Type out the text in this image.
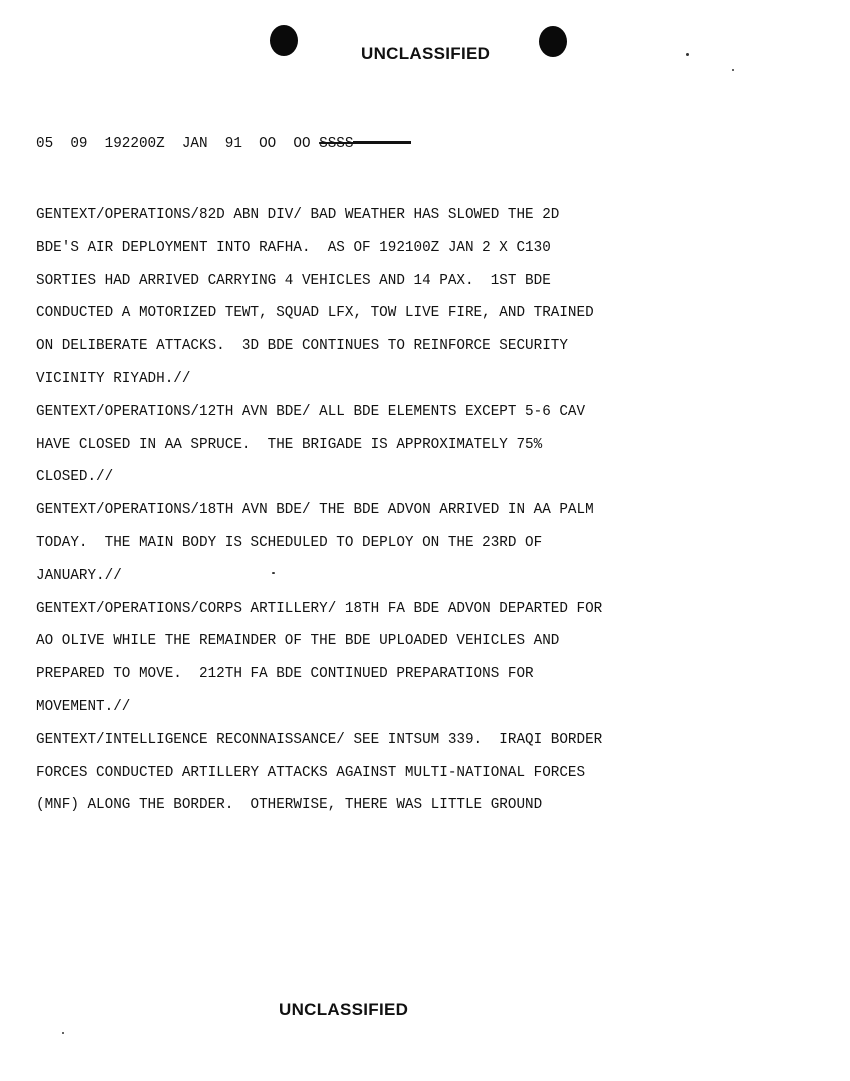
UNCLASSIFIED
05  09  192200Z  JAN  91  OO  OO SSSS
GENTEXT/OPERATIONS/82D ABN DIV/ BAD WEATHER HAS SLOWED THE 2D
BDE'S AIR DEPLOYMENT INTO RAFHA.  AS OF 192100Z JAN 2 X C130
SORTIES HAD ARRIVED CARRYING 4 VEHICLES AND 14 PAX.  1ST BDE
CONDUCTED A MOTORIZED TEWT, SQUAD LFX, TOW LIVE FIRE, AND TRAINED
ON DELIBERATE ATTACKS.  3D BDE CONTINUES TO REINFORCE SECURITY
VICINITY RIYADH.//
GENTEXT/OPERATIONS/12TH AVN BDE/ ALL BDE ELEMENTS EXCEPT 5-6 CAV
HAVE CLOSED IN AA SPRUCE.  THE BRIGADE IS APPROXIMATELY 75%
CLOSED.//
GENTEXT/OPERATIONS/18TH AVN BDE/ THE BDE ADVON ARRIVED IN AA PALM
TODAY.  THE MAIN BODY IS SCHEDULED TO DEPLOY ON THE 23RD OF
JANUARY.//
GENTEXT/OPERATIONS/CORPS ARTILLERY/ 18TH FA BDE ADVON DEPARTED FOR
AO OLIVE WHILE THE REMAINDER OF THE BDE UPLOADED VEHICLES AND
PREPARED TO MOVE.  212TH FA BDE CONTINUED PREPARATIONS FOR
MOVEMENT.//
GENTEXT/INTELLIGENCE RECONNAISSANCE/ SEE INTSUM 339.  IRAQI BORDER
FORCES CONDUCTED ARTILLERY ATTACKS AGAINST MULTI-NATIONAL FORCES
(MNF) ALONG THE BORDER.  OTHERWISE, THERE WAS LITTLE GROUND
UNCLASSIFIED
